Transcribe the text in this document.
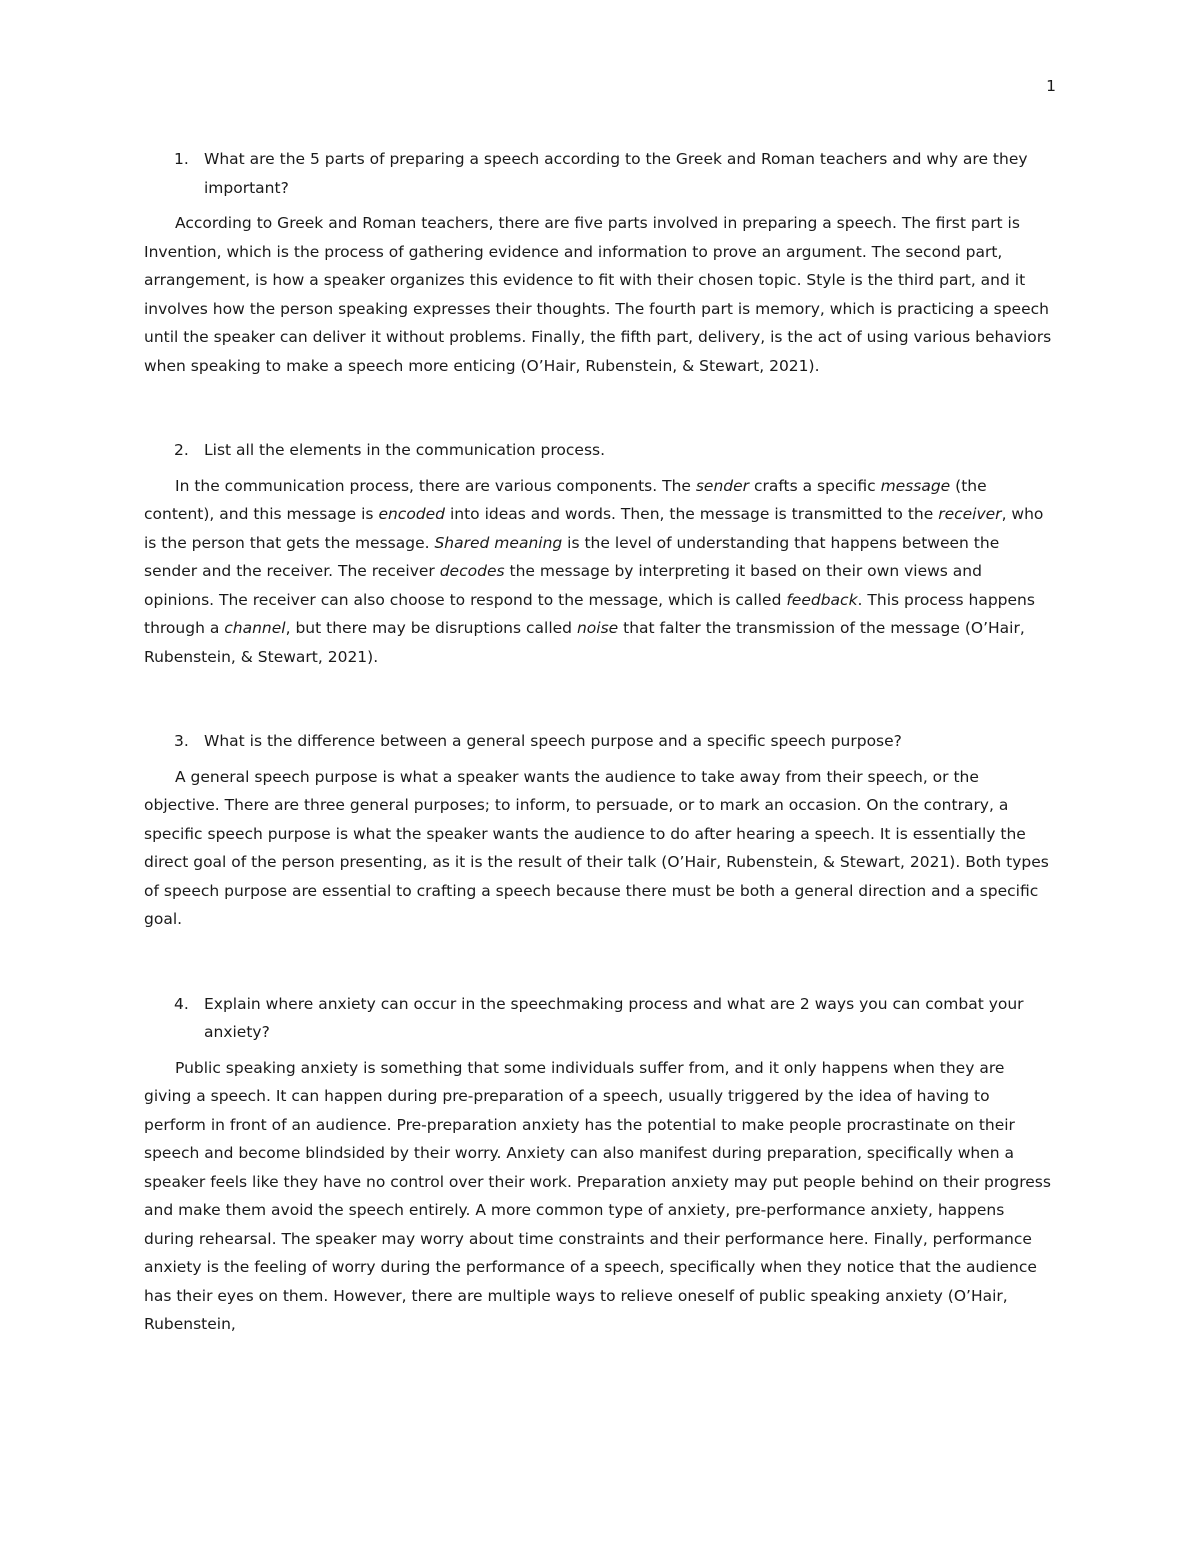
1

1. What are the 5 parts of preparing a speech according to the Greek and Roman teachers and why are they important?

According to Greek and Roman teachers, there are five parts involved in preparing a speech. The first part is Invention, which is the process of gathering evidence and information to prove an argument. The second part, arrangement, is how a speaker organizes this evidence to fit with their chosen topic. Style is the third part, and it involves how the person speaking expresses their thoughts. The fourth part is memory, which is practicing a speech until the speaker can deliver it without problems. Finally, the fifth part, delivery, is the act of using various behaviors when speaking to make a speech more enticing (O’Hair, Rubenstein, & Stewart, 2021).

2. List all the elements in the communication process.

In the communication process, there are various components. The sender crafts a specific message (the content), and this message is encoded into ideas and words. Then, the message is transmitted to the receiver, who is the person that gets the message. Shared meaning is the level of understanding that happens between the sender and the receiver. The receiver decodes the message by interpreting it based on their own views and opinions. The receiver can also choose to respond to the message, which is called feedback. This process happens through a channel, but there may be disruptions called noise that falter the transmission of the message (O’Hair, Rubenstein, & Stewart, 2021).

3. What is the difference between a general speech purpose and a specific speech purpose?

A general speech purpose is what a speaker wants the audience to take away from their speech, or the objective. There are three general purposes; to inform, to persuade, or to mark an occasion. On the contrary, a specific speech purpose is what the speaker wants the audience to do after hearing a speech. It is essentially the direct goal of the person presenting, as it is the result of their talk (O’Hair, Rubenstein, & Stewart, 2021). Both types of speech purpose are essential to crafting a speech because there must be both a general direction and a specific goal.

4. Explain where anxiety can occur in the speechmaking process and what are 2 ways you can combat your anxiety?

Public speaking anxiety is something that some individuals suffer from, and it only happens when they are giving a speech. It can happen during pre-preparation of a speech, usually triggered by the idea of having to perform in front of an audience. Pre-preparation anxiety has the potential to make people procrastinate on their speech and become blindsided by their worry. Anxiety can also manifest during preparation, specifically when a speaker feels like they have no control over their work. Preparation anxiety may put people behind on their progress and make them avoid the speech entirely. A more common type of anxiety, pre-performance anxiety, happens during rehearsal. The speaker may worry about time constraints and their performance here. Finally, performance anxiety is the feeling of worry during the performance of a speech, specifically when they notice that the audience has their eyes on them. However, there are multiple ways to relieve oneself of public speaking anxiety (O’Hair, Rubenstein,
